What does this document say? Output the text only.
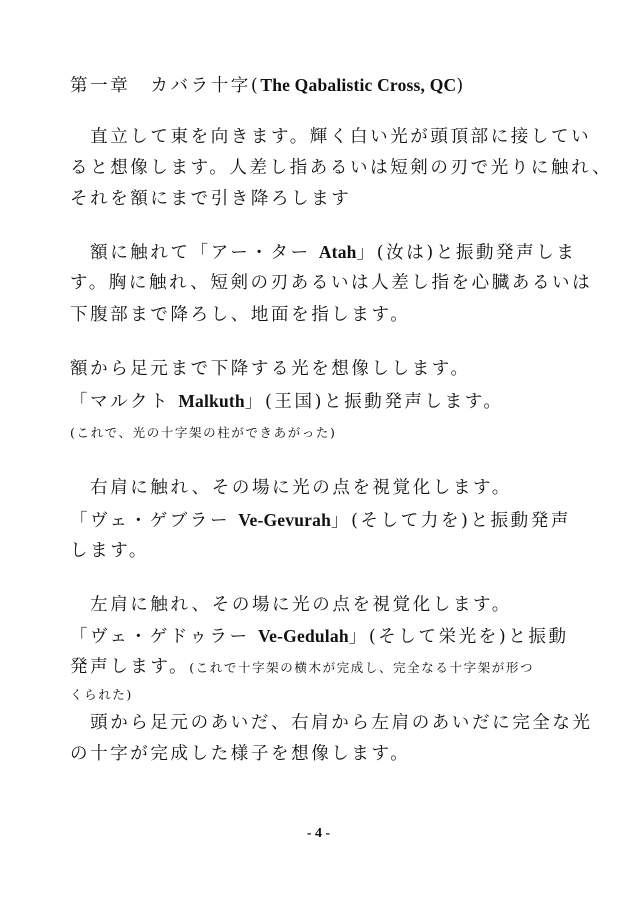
第一章　カバラ十字(The Qabalistic Cross, QC)
　直立して東を向きます。輝く白い光が頭頂部に接してい
ると想像します。人差し指あるいは短剣の刃で光りに触れ、
それを額にまで引き降ろします
　額に触れて「アー・ター Atah」(汝は)と振動発声しま
す。胸に触れ、短剣の刃あるいは人差し指を心臓あるいは
下腹部まで降ろし、地面を指します。
額から足元まで下降する光を想像しします。
「マルクト Malkuth」(王国)と振動発声します。
(これで、光の十字架の柱ができあがった)
　右肩に触れ、その場に光の点を視覚化します。
「ヴェ・ゲブラー Ve-Gevurah」(そして力を)と振動発声
します。
　左肩に触れ、その場に光の点を視覚化します。
「ヴェ・ゲドゥラー Ve-Gedulah」(そして栄光を)と振動
発声します。(これで十字架の横木が完成し、完全なる十字架が形つ
くられた)
　頭から足元のあいだ、右肩から左肩のあいだに完全な光
の十字が完成した様子を想像します。
- 4 -
